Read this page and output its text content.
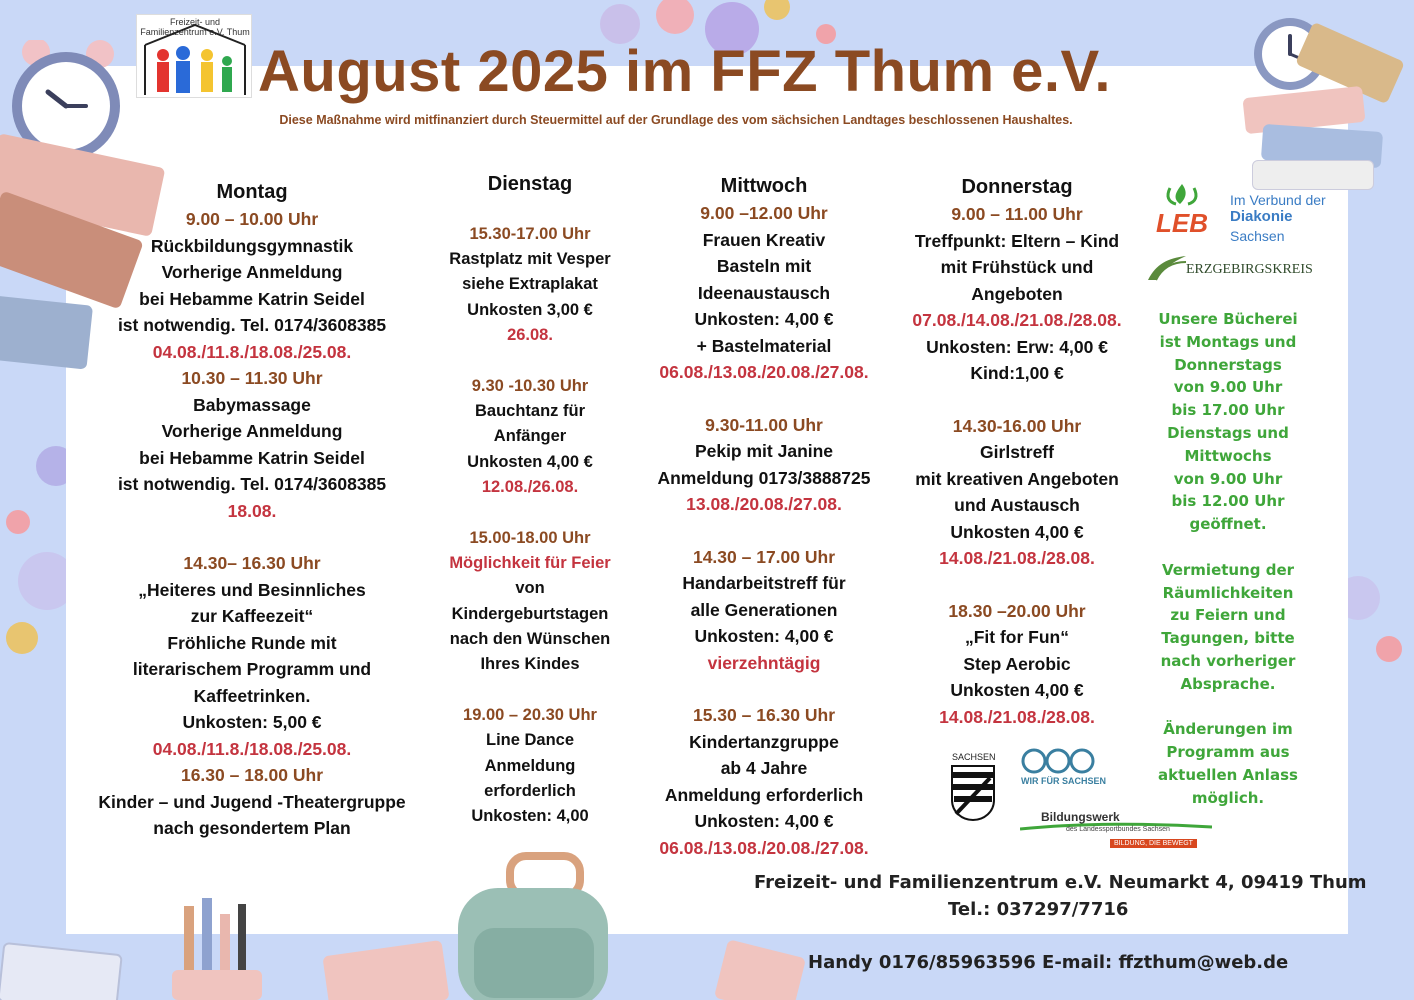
Freizeit- und Familienzentrum e.V. Thum
August 2025 im FFZ Thum e.V.
Diese Maßnahme wird mitfinanziert durch Steuermittel auf der Grundlage des vom sächsichen Landtages beschlossenen Haushaltes.
Montag
9.00 – 10.00 Uhr
Rückbildungsgymnastik
Vorherige Anmeldung
bei Hebamme Katrin Seidel
ist notwendig. Tel. 0174/3608385
04.08./11.8./18.08./25.08.
10.30 – 11.30 Uhr
Babymassage
Vorherige Anmeldung
bei Hebamme Katrin Seidel
ist notwendig. Tel. 0174/3608385
18.08.
14.30– 16.30 Uhr
„Heiteres und Besinnliches
zur Kaffeezeit“
Fröhliche Runde mit
literarischem Programm und
Kaffeetrinken.
Unkosten: 5,00 €
04.08./11.8./18.08./25.08.
16.30 – 18.00 Uhr
Kinder – und Jugend -Theatergruppe
nach gesondertem Plan
Dienstag
15.30-17.00 Uhr
Rastplatz mit Vesper
siehe Extraplakat
Unkosten 3,00 €
26.08.
9.30 -10.30 Uhr
Bauchtanz für
Anfänger
Unkosten 4,00 €
12.08./26.08.
15.00-18.00 Uhr
Möglichkeit für Feier
von
Kindergeburtstagen
nach den Wünschen
Ihres Kindes
19.00 – 20.30 Uhr
Line Dance
Anmeldung
erforderlich
Unkosten: 4,00
Mittwoch
9.00 –12.00 Uhr
Frauen Kreativ
Basteln mit
Ideenaustausch
Unkosten: 4,00 €
+ Bastelmaterial
06.08./13.08./20.08./27.08.
9.30-11.00 Uhr
Pekip mit Janine
Anmeldung 0173/3888725
13.08./20.08./27.08.
14.30 – 17.00 Uhr
Handarbeitstreff für
alle Generationen
Unkosten: 4,00 €
vierzehntägig
15.30 – 16.30 Uhr
Kindertanzgruppe
ab 4 Jahre
Anmeldung erforderlich
Unkosten: 4,00 €
06.08./13.08./20.08./27.08.
Donnerstag
9.00 – 11.00 Uhr
Treffpunkt: Eltern – Kind
mit Frühstück und
Angeboten
07.08./14.08./21.08./28.08.
Unkosten: Erw: 4,00 €
Kind:1,00 €
14.30-16.00 Uhr
Girlstreff
mit kreativen Angeboten
und Austausch
Unkosten 4,00 €
14.08./21.08./28.08.
18.30 –20.00 Uhr
„Fit for Fun“
Step Aerobic
Unkosten 4,00 €
14.08./21.08./28.08.
LEB
Im Verbund der
Diakonie
Sachsen
ERZGEBIRGSKREIS
Unsere Bücherei
ist Montags und
Donnerstags
von 9.00 Uhr
bis 17.00 Uhr
Dienstags und
Mittwochs
von 9.00 Uhr
bis 12.00 Uhr
geöffnet.
Vermietung der
Räumlichkeiten
zu Feiern und
Tagungen, bitte
nach vorheriger
Absprache.
Änderungen im
Programm aus
aktuellen Anlass
möglich.
SACHSEN
WIR FÜR SACHSEN
Bildungswerk
des Landessportbundes Sachsen
BILDUNG, DIE BEWEGT
Freizeit- und Familienzentrum e.V. Neumarkt 4, 09419 Thum
Tel.: 037297/7716
Handy 0176/85963596 E-mail: ffzthum@web.de
